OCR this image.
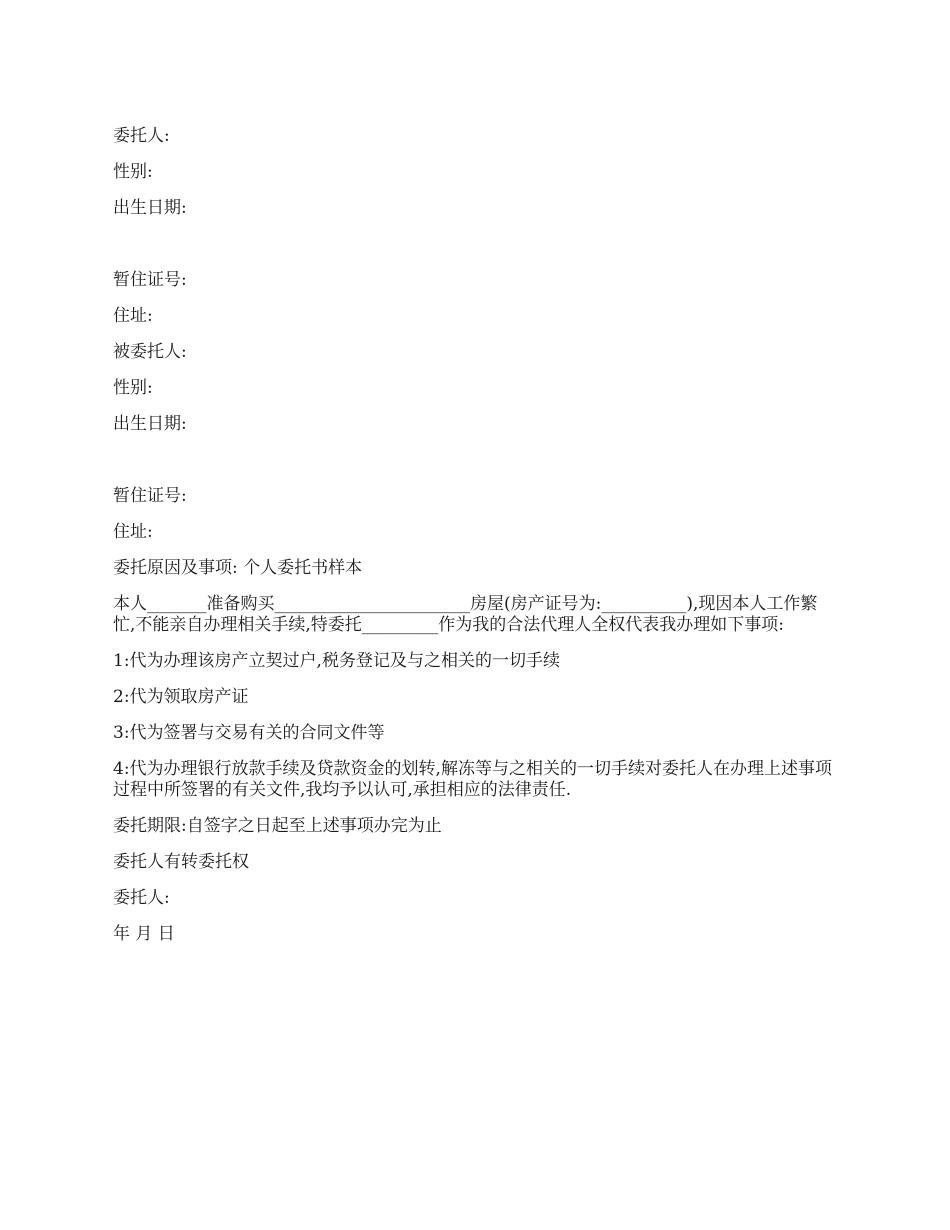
委托人:

性别:

出生日期:

暂住证号:

住址:

被委托人:

性别:

出生日期:

暂住证号:

住址:

委托原因及事项: 个人委托书样本

本人_______准备购买_______________________房屋(房产证号为:__________),现因本人工作繁忙,不能亲自办理相关手续,特委托_________作为我的合法代理人全权代表我办理如下事项:

1:代为办理该房产立契过户,税务登记及与之相关的一切手续

2:代为领取房产证

3:代为签署与交易有关的合同文件等

4:代为办理银行放款手续及贷款资金的划转,解冻等与之相关的一切手续对委托人在办理上述事项过程中所签署的有关文件,我均予以认可,承担相应的法律责任.

委托期限:自签字之日起至上述事项办完为止

委托人有转委托权

委托人:

年 月 日
